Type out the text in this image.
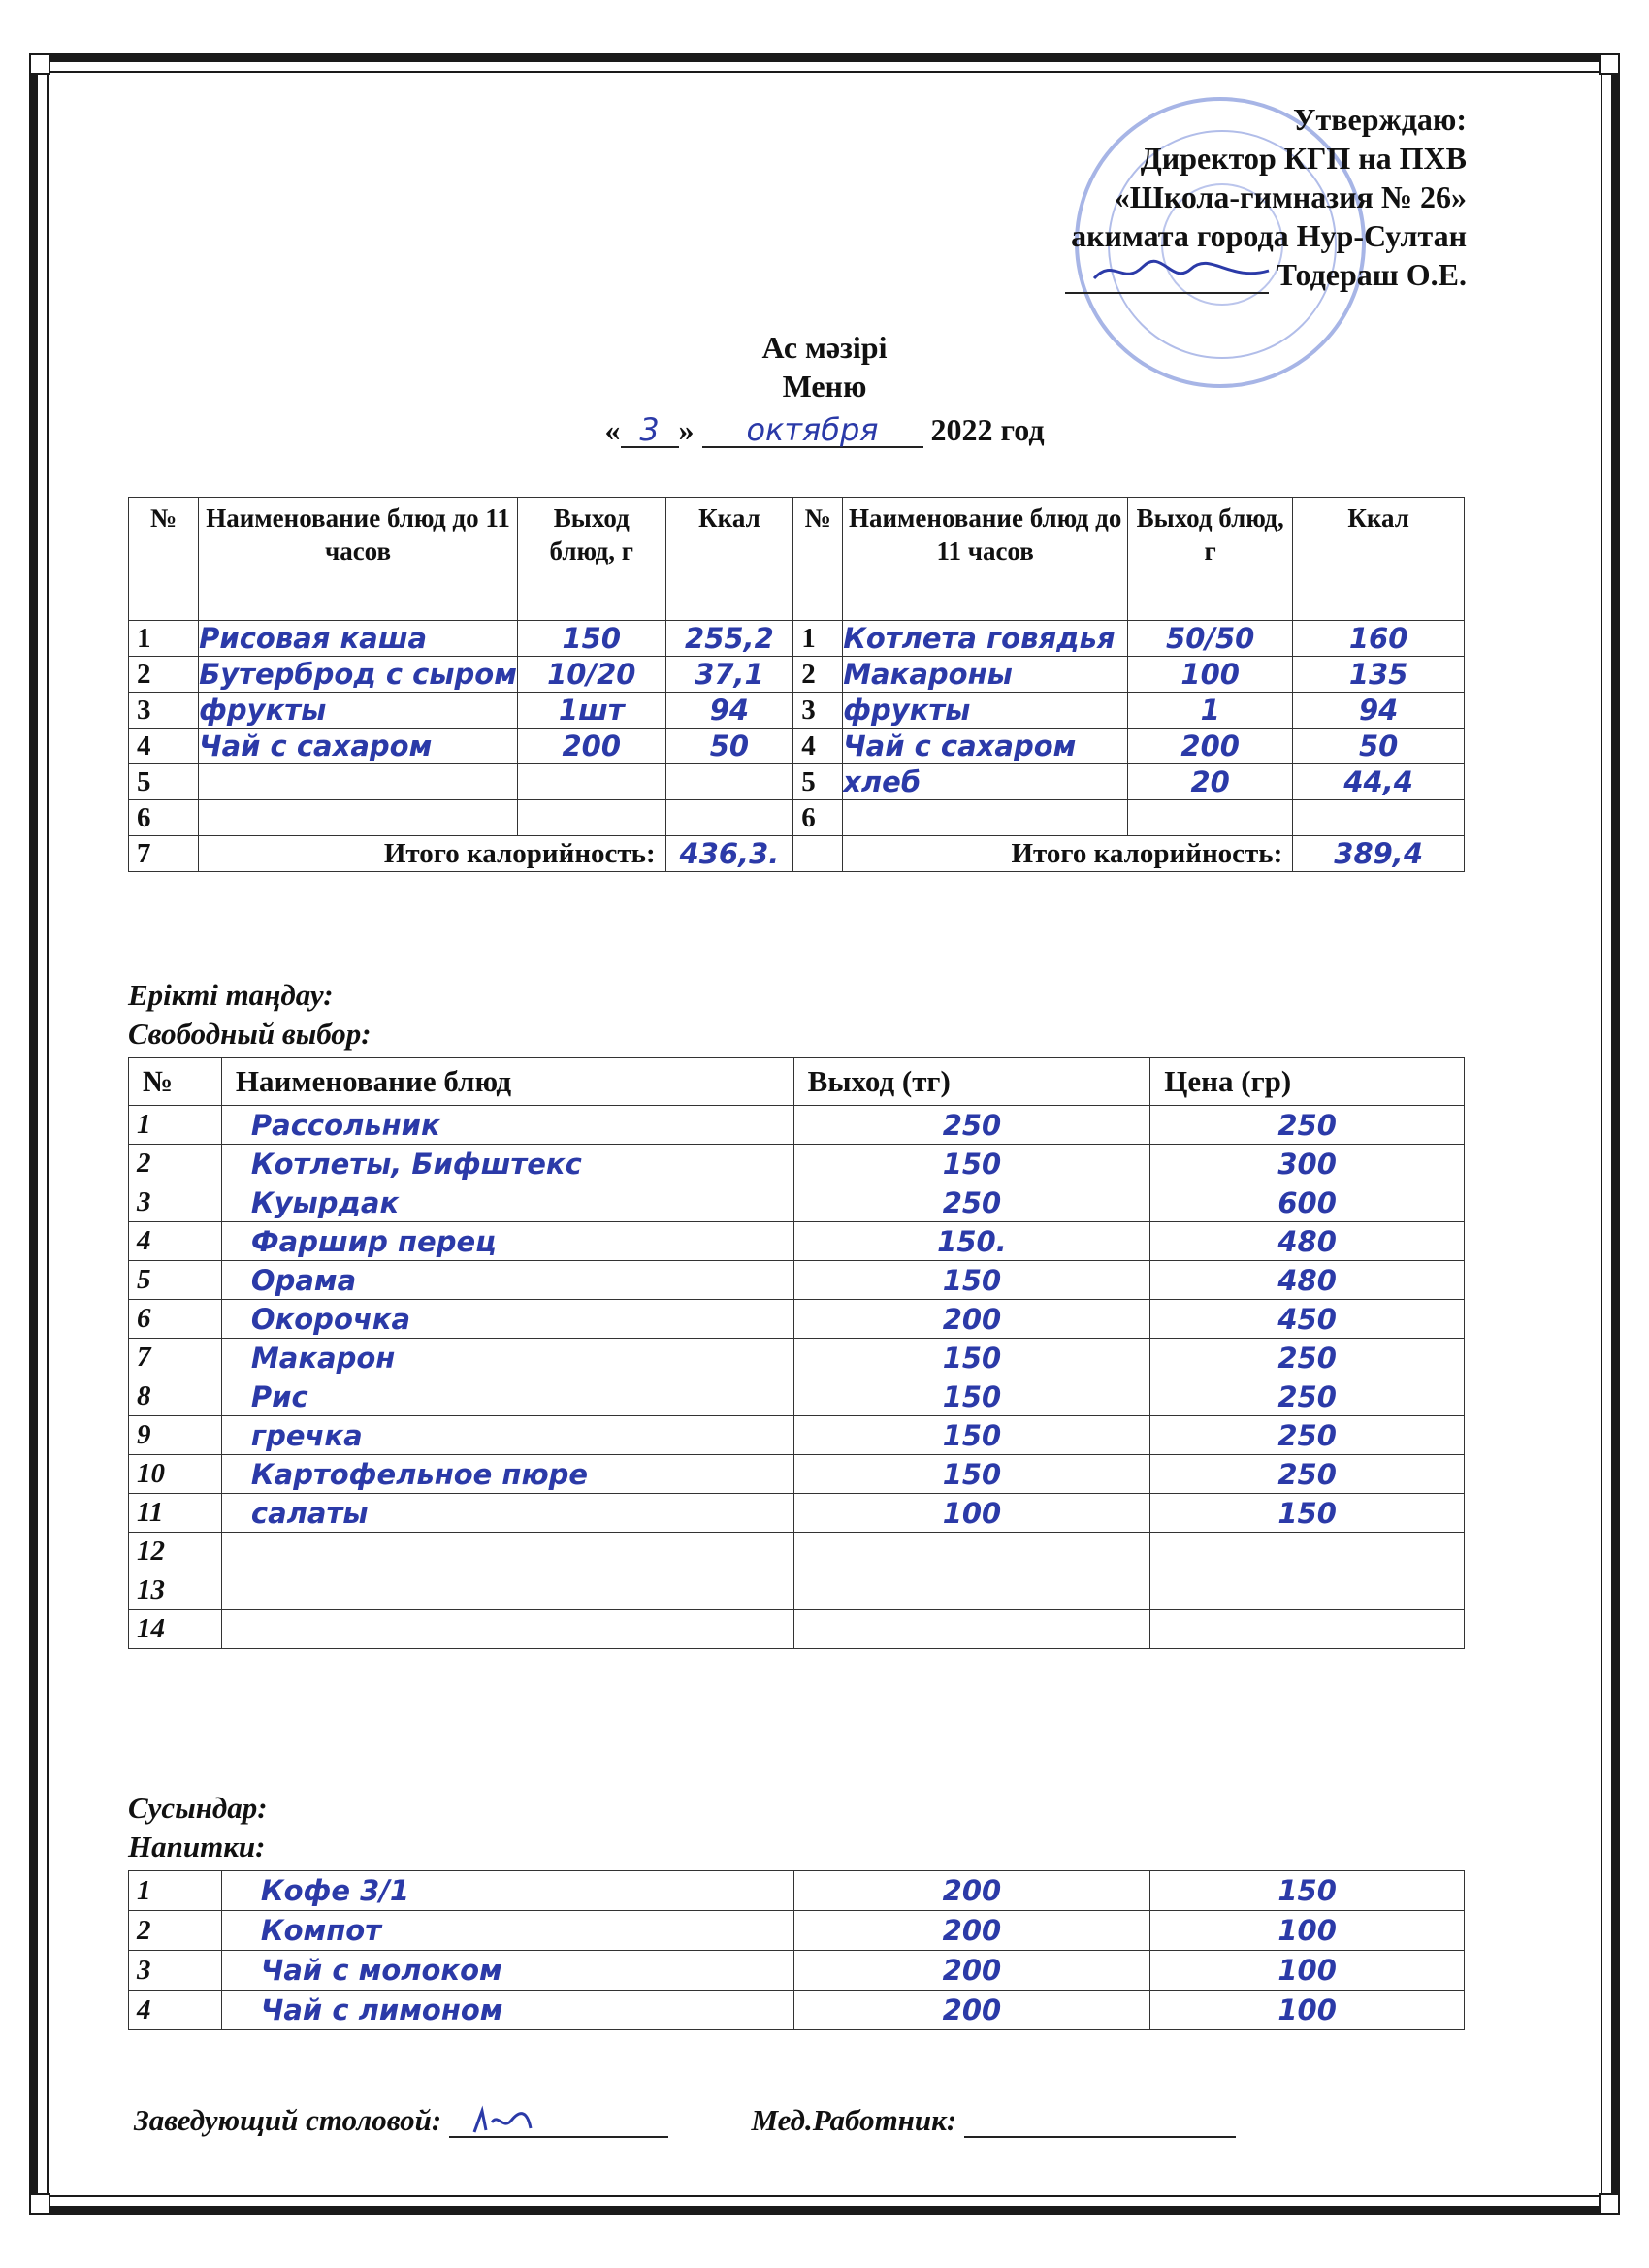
Утверждаю:
Директор КГП на ПХВ
«Школа-гимназия № 26»
акимата города Нур-Султан
Тодераш О.Е.
Ас мәзірі
Меню
« 3 » октября 2022 год
№	Наименование блюд до 11 часов	Выход блюд, г	Ккал	№	Наименование блюд до 11 часов	Выход блюд, г	Ккал
1	Рисовая каша	150	255,2	1	Котлета говядья	50/50	160
2	Бутерброд с сыром	10/20	37,1	2	Макароны	100	135
3	фрукты	1шт	94	3	фрукты	1	94
4	Чай с сахаром	200	50	4	Чай с сахаром	200	50
5				5	хлеб	20	44,4
6				6			
7	Итого калорийность:		436,3.		Итого калорийность:		389,4
Ерікті таңдау:
Свободный выбор:
№	Наименование блюд	Выход (тг)	Цена (гр)
1	Рассольник	250	250
2	Котлеты, Бифштекс	150	300
3	Куырдак	250	600
4	Фаршир перец	150.	480
5	Орама	150	480
6	Окорочка	200	450
7	Макарон	150	250
8	Рис	150	250
9	гречка	150	250
10	Картофельное пюре	150	250
11	салаты	100	150
12			
13			
14			
Сусындар:
Напитки:
1	Кофе 3/1	200	150
2	Компот	200	100
3	Чай с молоком	200	100
4	Чай с лимоном	200	100
Заведующий столовой:	Мед.Работник:
